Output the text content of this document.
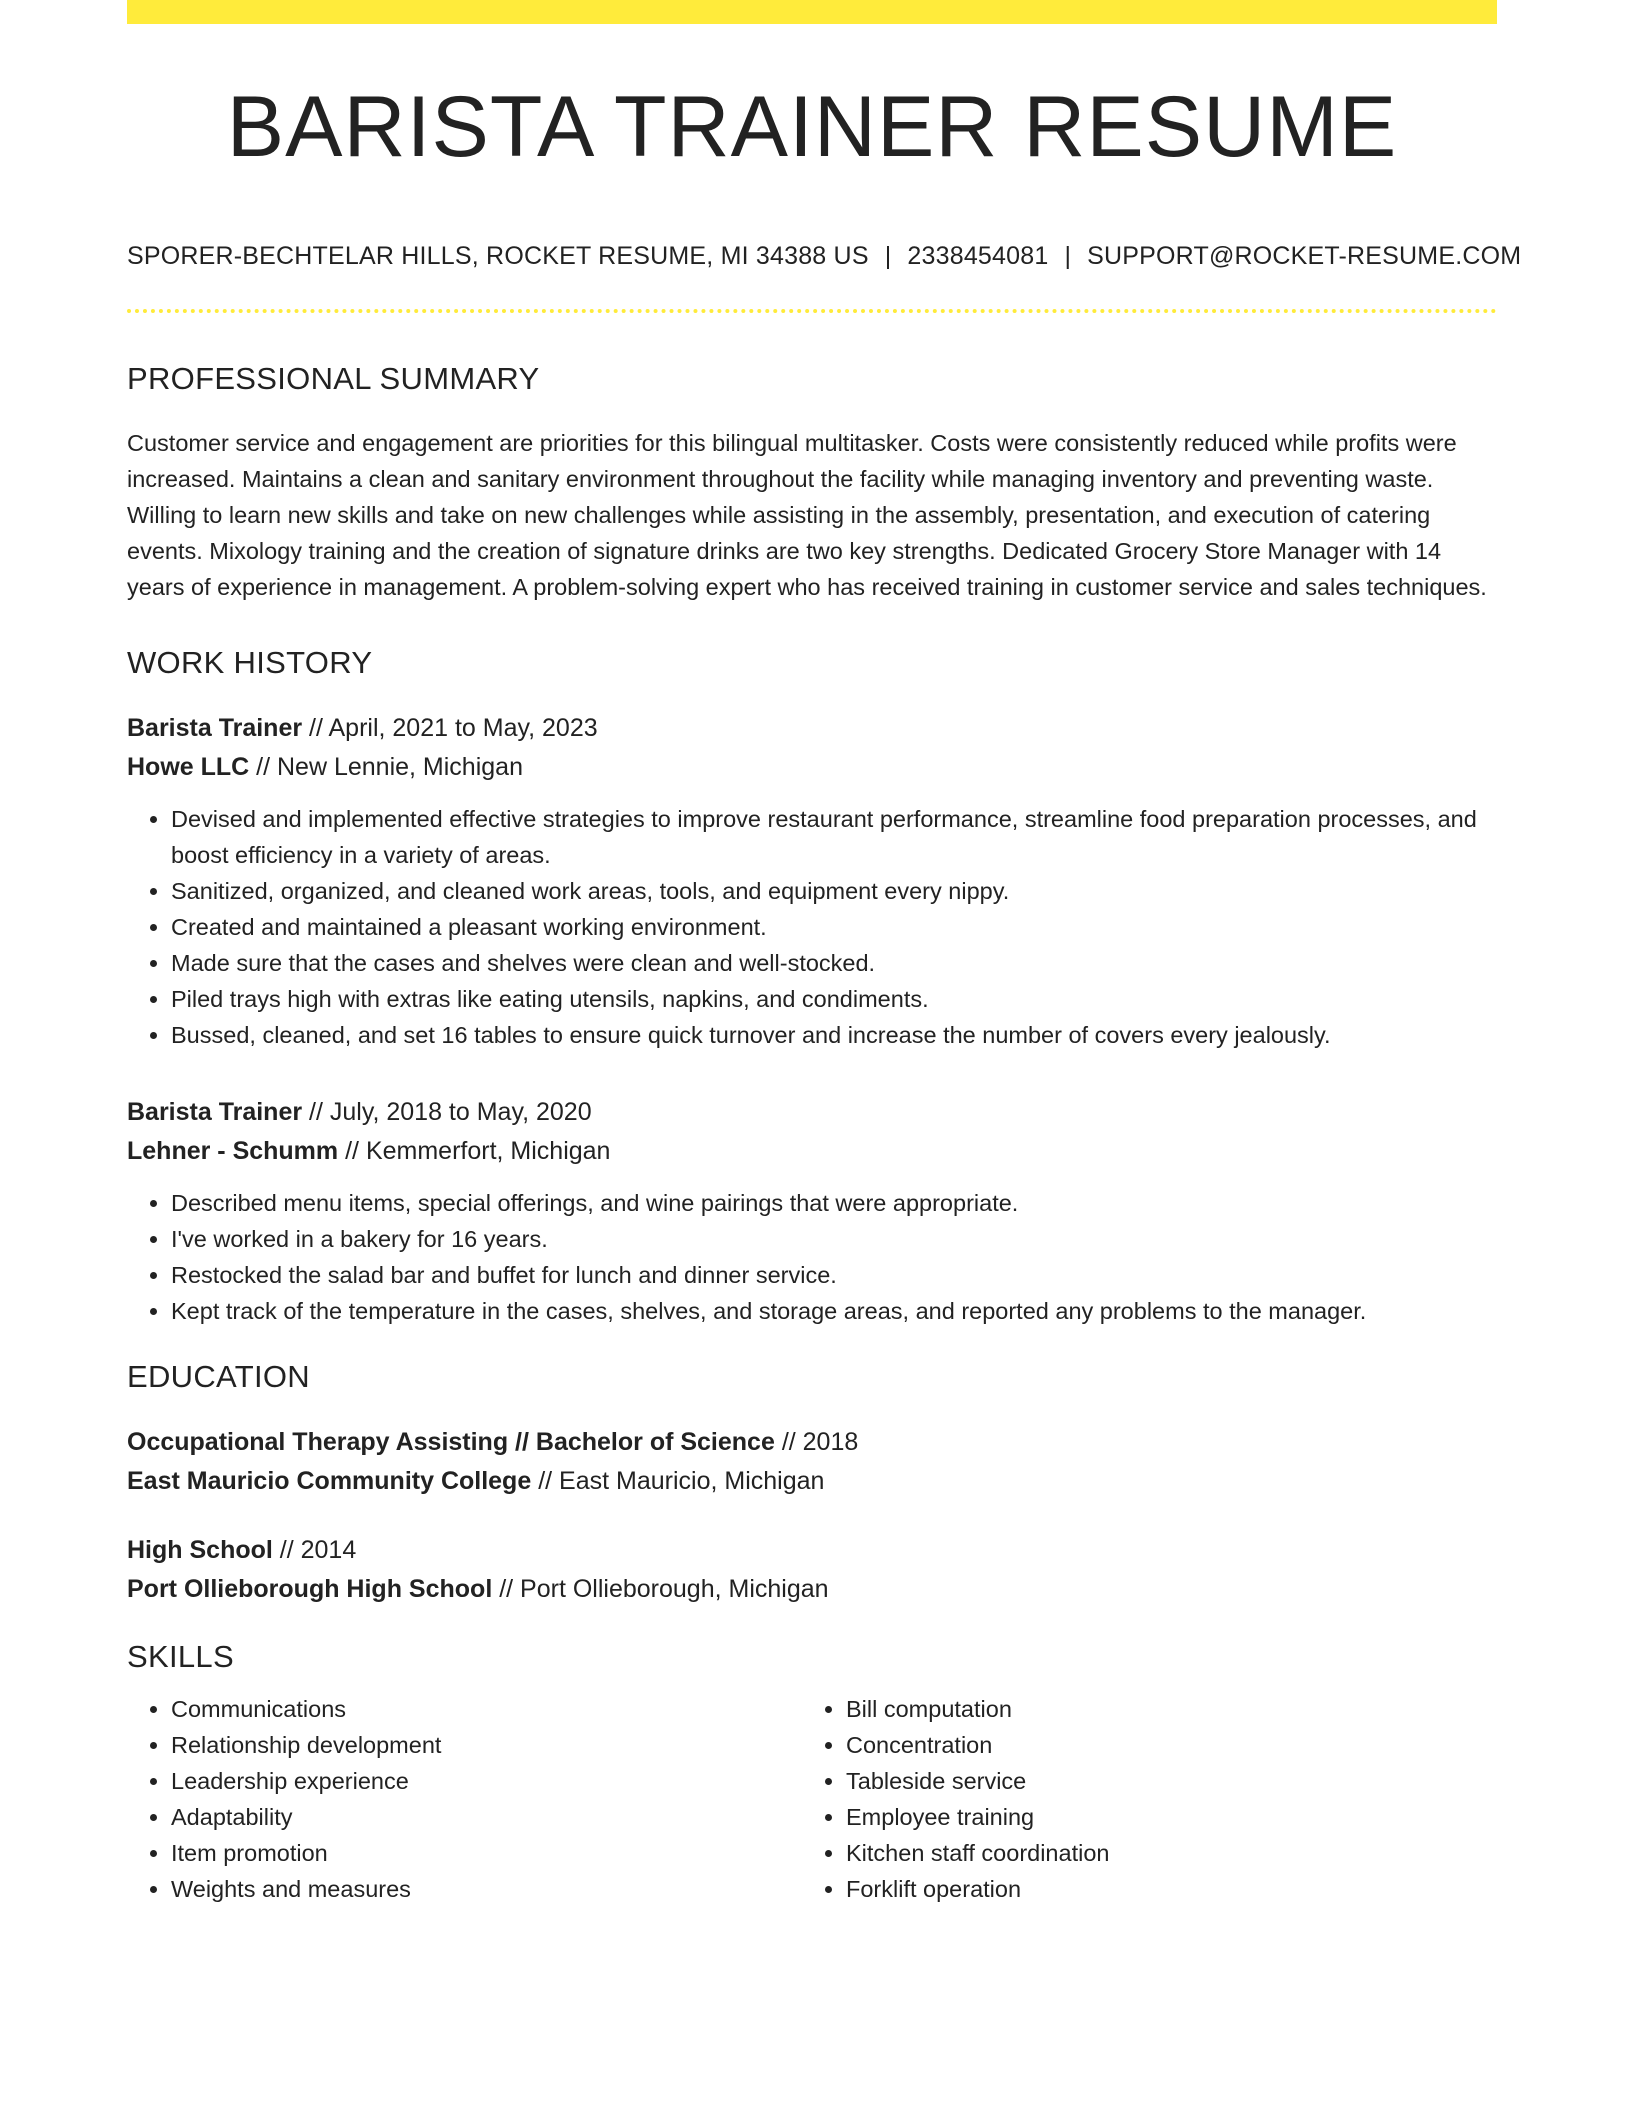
BARISTA TRAINER RESUME
SPORER-BECHTELAR HILLS, ROCKET RESUME, MI 34388 US | 2338454081 | SUPPORT@ROCKET-RESUME.COM
PROFESSIONAL SUMMARY

Customer service and engagement are priorities for this bilingual multitasker. Costs were consistently reduced while profits were increased. Maintains a clean and sanitary environment throughout the facility while managing inventory and preventing waste. Willing to learn new skills and take on new challenges while assisting in the assembly, presentation, and execution of catering events. Mixology training and the creation of signature drinks are two key strengths. Dedicated Grocery Store Manager with 14 years of experience in management. A problem-solving expert who has received training in customer service and sales techniques.

WORK HISTORY
Barista Trainer // April, 2021 to May, 2023
Howe LLC // New Lennie, Michigan
• Devised and implemented effective strategies to improve restaurant performance, streamline food preparation processes, and boost efficiency in a variety of areas.
• Sanitized, organized, and cleaned work areas, tools, and equipment every nippy.
• Created and maintained a pleasant working environment.
• Made sure that the cases and shelves were clean and well-stocked.
• Piled trays high with extras like eating utensils, napkins, and condiments.
• Bussed, cleaned, and set 16 tables to ensure quick turnover and increase the number of covers every jealously.
Barista Trainer // July, 2018 to May, 2020
Lehner - Schumm // Kemmerfort, Michigan
• Described menu items, special offerings, and wine pairings that were appropriate.
• I've worked in a bakery for 16 years.
• Restocked the salad bar and buffet for lunch and dinner service.
• Kept track of the temperature in the cases, shelves, and storage areas, and reported any problems to the manager.
EDUCATION
Occupational Therapy Assisting // Bachelor of Science // 2018
East Mauricio Community College // East Mauricio, Michigan
High School // 2014
Port Ollieborough High School // Port Ollieborough, Michigan
SKILLS
• Communications
• Relationship development
• Leadership experience
• Adaptability
• Item promotion
• Weights and measures
• Bill computation
• Concentration
• Tableside service
• Employee training
• Kitchen staff coordination
• Forklift operation
